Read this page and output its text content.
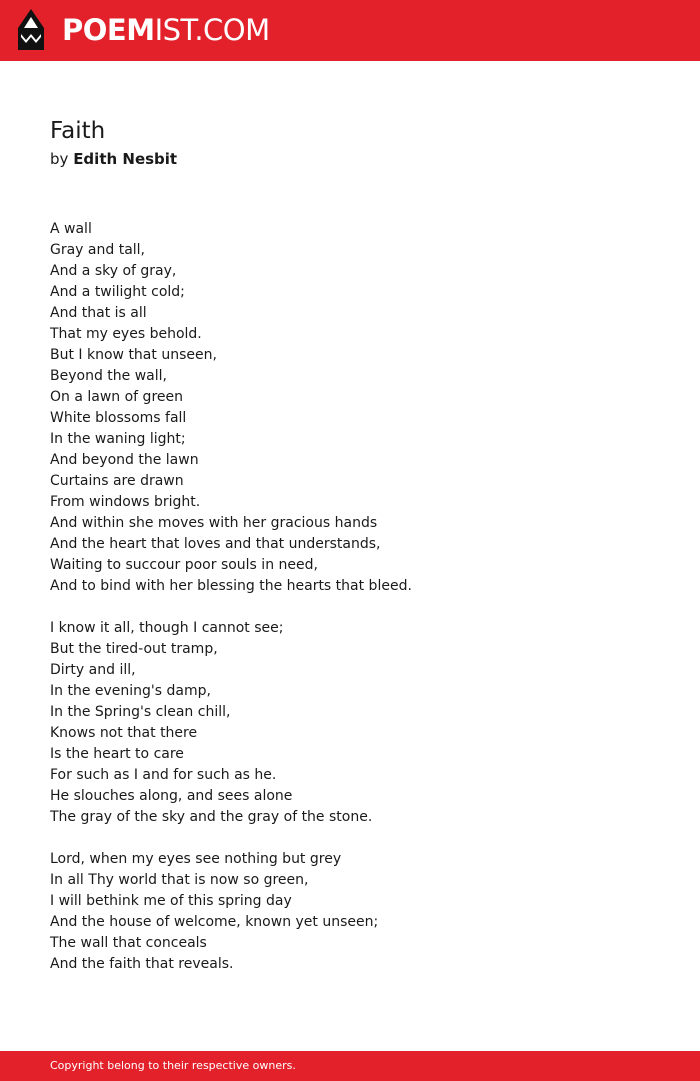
POEMIST.COM
Faith
by Edith Nesbit
A wall
Gray and tall,
And a sky of gray,
And a twilight cold;
And that is all
That my eyes behold.
But I know that unseen,
Beyond the wall,
On a lawn of green
White blossoms fall
In the waning light;
And beyond the lawn
Curtains are drawn
From windows bright.
And within she moves with her gracious hands
And the heart that loves and that understands,
Waiting to succour poor souls in need,
And to bind with her blessing the hearts that bleed.
I know it all, though I cannot see;
But the tired-out tramp,
Dirty and ill,
In the evening's damp,
In the Spring's clean chill,
Knows not that there
Is the heart to care
For such as I and for such as he.
He slouches along, and sees alone
The gray of the sky and the gray of the stone.
Lord, when my eyes see nothing but grey
In all Thy world that is now so green,
I will bethink me of this spring day
And the house of welcome, known yet unseen;
The wall that conceals
And the faith that reveals.
Copyright belong to their respective owners.
